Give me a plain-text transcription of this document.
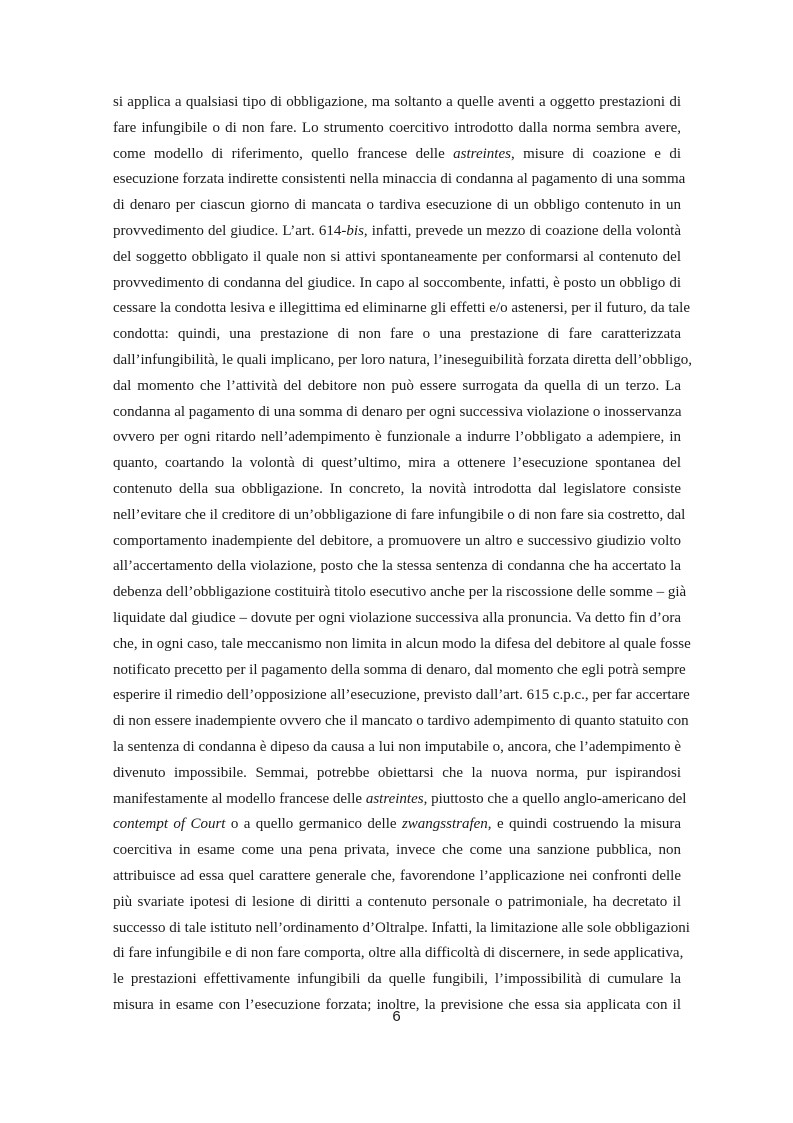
si applica a qualsiasi tipo di obbligazione, ma soltanto a quelle aventi a oggetto prestazioni di
fare infungibile o di non fare. Lo strumento coercitivo introdotto dalla norma sembra avere,
come modello di riferimento, quello francese delle astreintes, misure di coazione e di
esecuzione forzata indirette consistenti nella minaccia di condanna al pagamento di una somma
di denaro per ciascun giorno di mancata o tardiva esecuzione di un obbligo contenuto in un
provvedimento del giudice. L’art. 614-bis, infatti, prevede un mezzo di coazione della volontà
del soggetto obbligato il quale non si attivi spontaneamente per conformarsi al contenuto del
provvedimento di condanna del giudice. In capo al soccombente, infatti, è posto un obbligo di
cessare la condotta lesiva e illegittima ed eliminarne gli effetti e/o astenersi, per il futuro, da tale
condotta: quindi, una prestazione di non fare o una prestazione di fare caratterizzata
dall’infungibilità, le quali implicano, per loro natura, l’ineseguibilità forzata diretta dell’obbligo,
dal momento che l’attività del debitore non può essere surrogata da quella di un terzo. La
condanna al pagamento di una somma di denaro per ogni successiva violazione o inosservanza
ovvero per ogni ritardo nell’adempimento è funzionale a indurre l’obbligato a adempiere, in
quanto, coartando la volontà di quest’ultimo, mira a ottenere l’esecuzione spontanea del
contenuto della sua obbligazione. In concreto, la novità introdotta dal legislatore consiste
nell’evitare che il creditore di un’obbligazione di fare infungibile o di non fare sia costretto, dal
comportamento inadempiente del debitore, a promuovere un altro e successivo giudizio volto
all’accertamento della violazione, posto che la stessa sentenza di condanna che ha accertato la
debenza dell’obbligazione costituirà titolo esecutivo anche per la riscossione delle somme – già
liquidate dal giudice – dovute per ogni violazione successiva alla pronuncia. Va detto fin d’ora
che, in ogni caso, tale meccanismo non limita in alcun modo la difesa del debitore al quale fosse
notificato precetto per il pagamento della somma di denaro, dal momento che egli potrà sempre
esperire il rimedio dell’opposizione all’esecuzione, previsto dall’art. 615 c.p.c., per far accertare
di non essere inadempiente ovvero che il mancato o tardivo adempimento di quanto statuito con
la sentenza di condanna è dipeso da causa a lui non imputabile o, ancora, che l’adempimento è
divenuto impossibile. Semmai, potrebbe obiettarsi che la nuova norma, pur ispirandosi
manifestamente al modello francese delle astreintes, piuttosto che a quello anglo-americano del
contempt of Court o a quello germanico delle zwangsstrafen, e quindi costruendo la misura
coercitiva in esame come una pena privata, invece che come una sanzione pubblica, non
attribuisce ad essa quel carattere generale che, favorendone l’applicazione nei confronti delle
più svariate ipotesi di lesione di diritti a contenuto personale o patrimoniale, ha decretato il
successo di tale istituto nell’ordinamento d’Oltralpe. Infatti, la limitazione alle sole obbligazioni
di fare infungibile e di non fare comporta, oltre alla difficoltà di discernere, in sede applicativa,
le prestazioni effettivamente infungibili da quelle fungibili, l’impossibilità di cumulare la
misura in esame con l’esecuzione forzata; inoltre, la previsione che essa sia applicata con il
6
